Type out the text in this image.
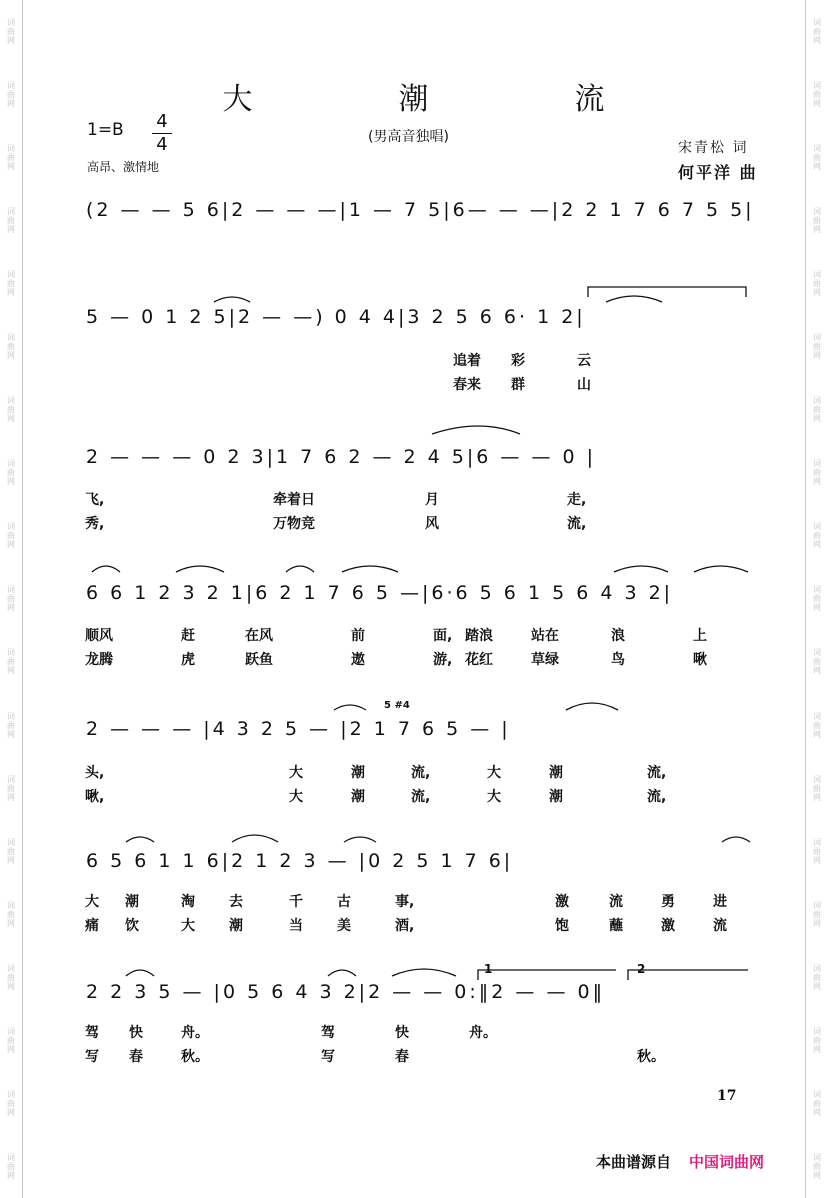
词曲网
词曲网
词曲网
词曲网
词曲网
词曲网
词曲网
词曲网
词曲网
词曲网
词曲网
词曲网
词曲网
词曲网
词曲网
词曲网
词曲网
词曲网
词曲网
词曲网
词曲网
词曲网
词曲网
词曲网
词曲网
词曲网
词曲网
词曲网
词曲网
词曲网
词曲网
词曲网
词曲网
词曲网
词曲网
词曲网
词曲网
词曲网
大　潮　流
1=B 4
4
高昂、激情地
(男高音独唱)
宋青松 词
何平洋 曲
(2 — — 5 6|2 — — —|1 — 7 5|6— — —|2 2 1 7 6 7 5 5|
5 — 0 1 2 5|2 — —) 0 4 4|3 2 5 6 6· 1 2|
追着 彩	云
春来 群	山
2 — — — 0 2 3|1 7 6 2 — 2 4 5|6 — — 0 |
飞,	牵着日	月	走,
秀,	万物竞	风	流,
6 6 1 2 3 2 1|6 2 1 7 6 5 —|6·6 5 6 1 5 6 4 3 2|
顺风	赶	在风	前	面, 踏浪	站在	浪	上
龙腾	虎	跃鱼	遨	游, 花红	草绿	鸟	啾
2 — — — |4 3 2 5 — |2 1 7 6 5 — |
5 #4
头,	大	潮	流,	大	潮	流,
啾,	大	潮	流,	大	潮	流,
6 5 6 1 1 6|2 1 2 3 — |0 2 5 1 7 6|
大 潮	淘 去	千 古	事,	激	流	勇	进
痛 饮	大 潮	当 美	酒,	饱	蘸	激	流
2 2 3 5 — |0 5 6 4 3 2|2 — — 0:‖2 — — 0‖
1	2
驾 快	舟。	驾	快	舟。
写 春	秋。	写	春	秋。
17
本曲谱源自 中国词曲网
